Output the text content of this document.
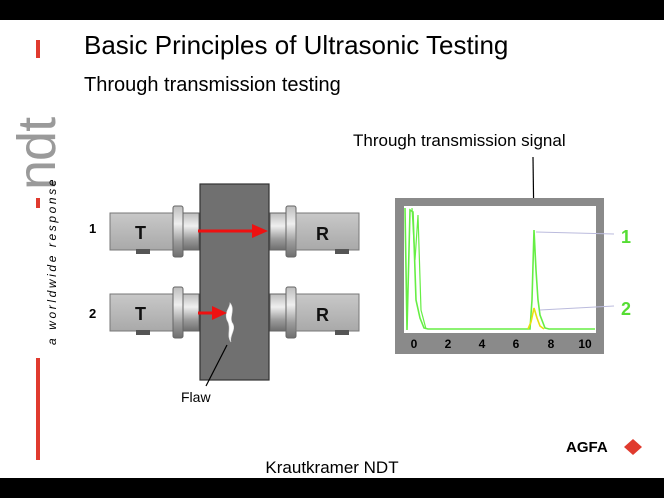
ndt
a worldwide response
Basic Principles of Ultrasonic Testing
Through transmission testing
Through transmission signal
1
2
T
T
Flaw
R
R
0 2 4 6 8 10
1
2
AGFA
Krautkramer NDT
